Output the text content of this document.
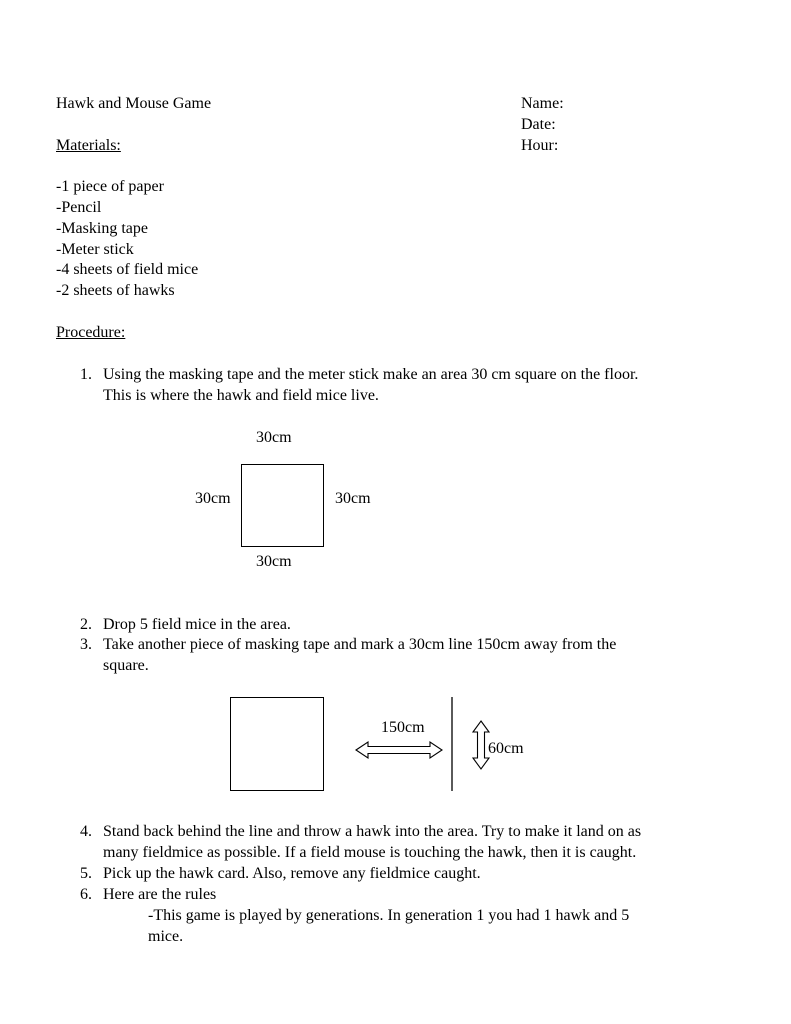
Hawk and Mouse Game	Name:
Date:
Hour:
Materials:
-1 piece of paper
-Pencil
-Masking tape
-Meter stick
-4 sheets of field mice
-2 sheets of hawks
Procedure:
1. Using the masking tape and the meter stick make an area 30 cm square on the floor.
This is where the hawk and field mice live.
30cm
30cm	30cm
30cm
2. Drop 5 field mice in the area.
3. Take another piece of masking tape and mark a 30cm line 150cm away from the
square.
150cm
60cm
4. Stand back behind the line and throw a hawk into the area. Try to make it land on as
many fieldmice as possible. If a field mouse is touching the hawk, then it is caught.
5. Pick up the hawk card. Also, remove any fieldmice caught.
6. Here are the rules
-This game is played by generations. In generation 1 you had 1 hawk and 5
mice.
